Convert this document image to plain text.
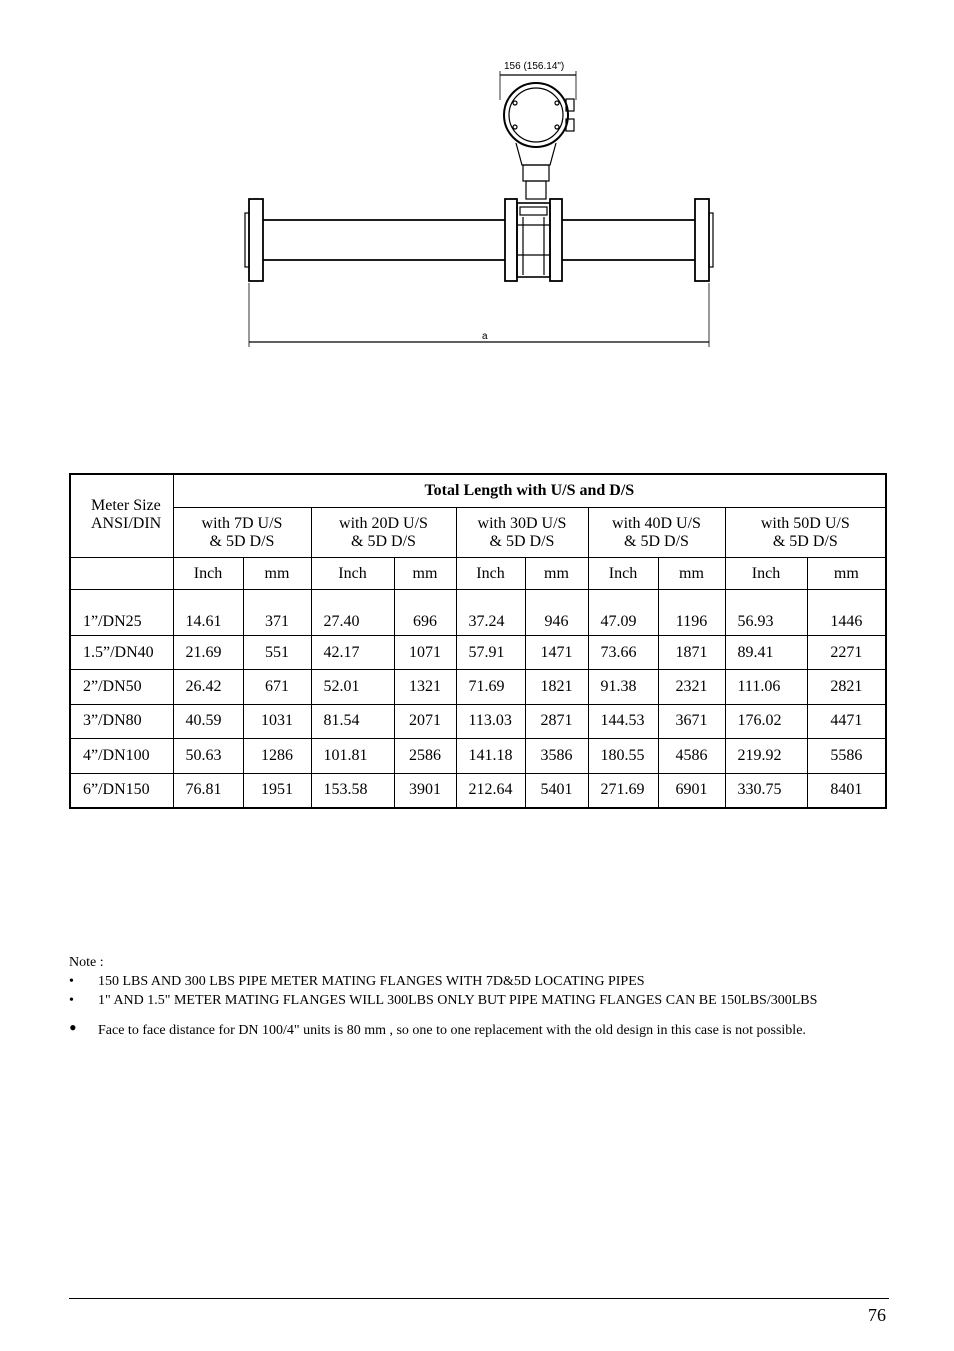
156 (156.14")
a
Meter Size
ANSI/DIN	Total Length with U/S and D/S									
	with 7D U/S
& 5D D/S		with 20D U/S
& 5D D/S		with 30D U/S
& 5D D/S		with 40D U/S
& 5D D/S		with 50D U/S
& 5D D/S	
	Inch	mm	Inch	mm	Inch	mm	Inch	mm	Inch	mm
1”/DN25	14.61	371	27.40	696	37.24	946	47.09	1196	56.93	1446
1.5”/DN40	21.69	551	42.17	1071	57.91	1471	73.66	1871	89.41	2271
2”/DN50	26.42	671	52.01	1321	71.69	1821	91.38	2321	111.06	2821
3”/DN80	40.59	1031	81.54	2071	113.03	2871	144.53	3671	176.02	4471
4”/DN100	50.63	1286	101.81	2586	141.18	3586	180.55	4586	219.92	5586
6”/DN150	76.81	1951	153.58	3901	212.64	5401	271.69	6901	330.75	8401

Note :

• 150 LBS AND 300 LBS PIPE METER MATING FLANGES WITH 7D&5D LOCATING PIPES
• 1" AND 1.5" METER MATING FLANGES WILL 300LBS ONLY BUT PIPE MATING FLANGES CAN BE 150LBS/300LBS
• Face to face distance for DN 100/4" units is 80 mm , so one to one replacement with the old design in this case is not possible.
76
